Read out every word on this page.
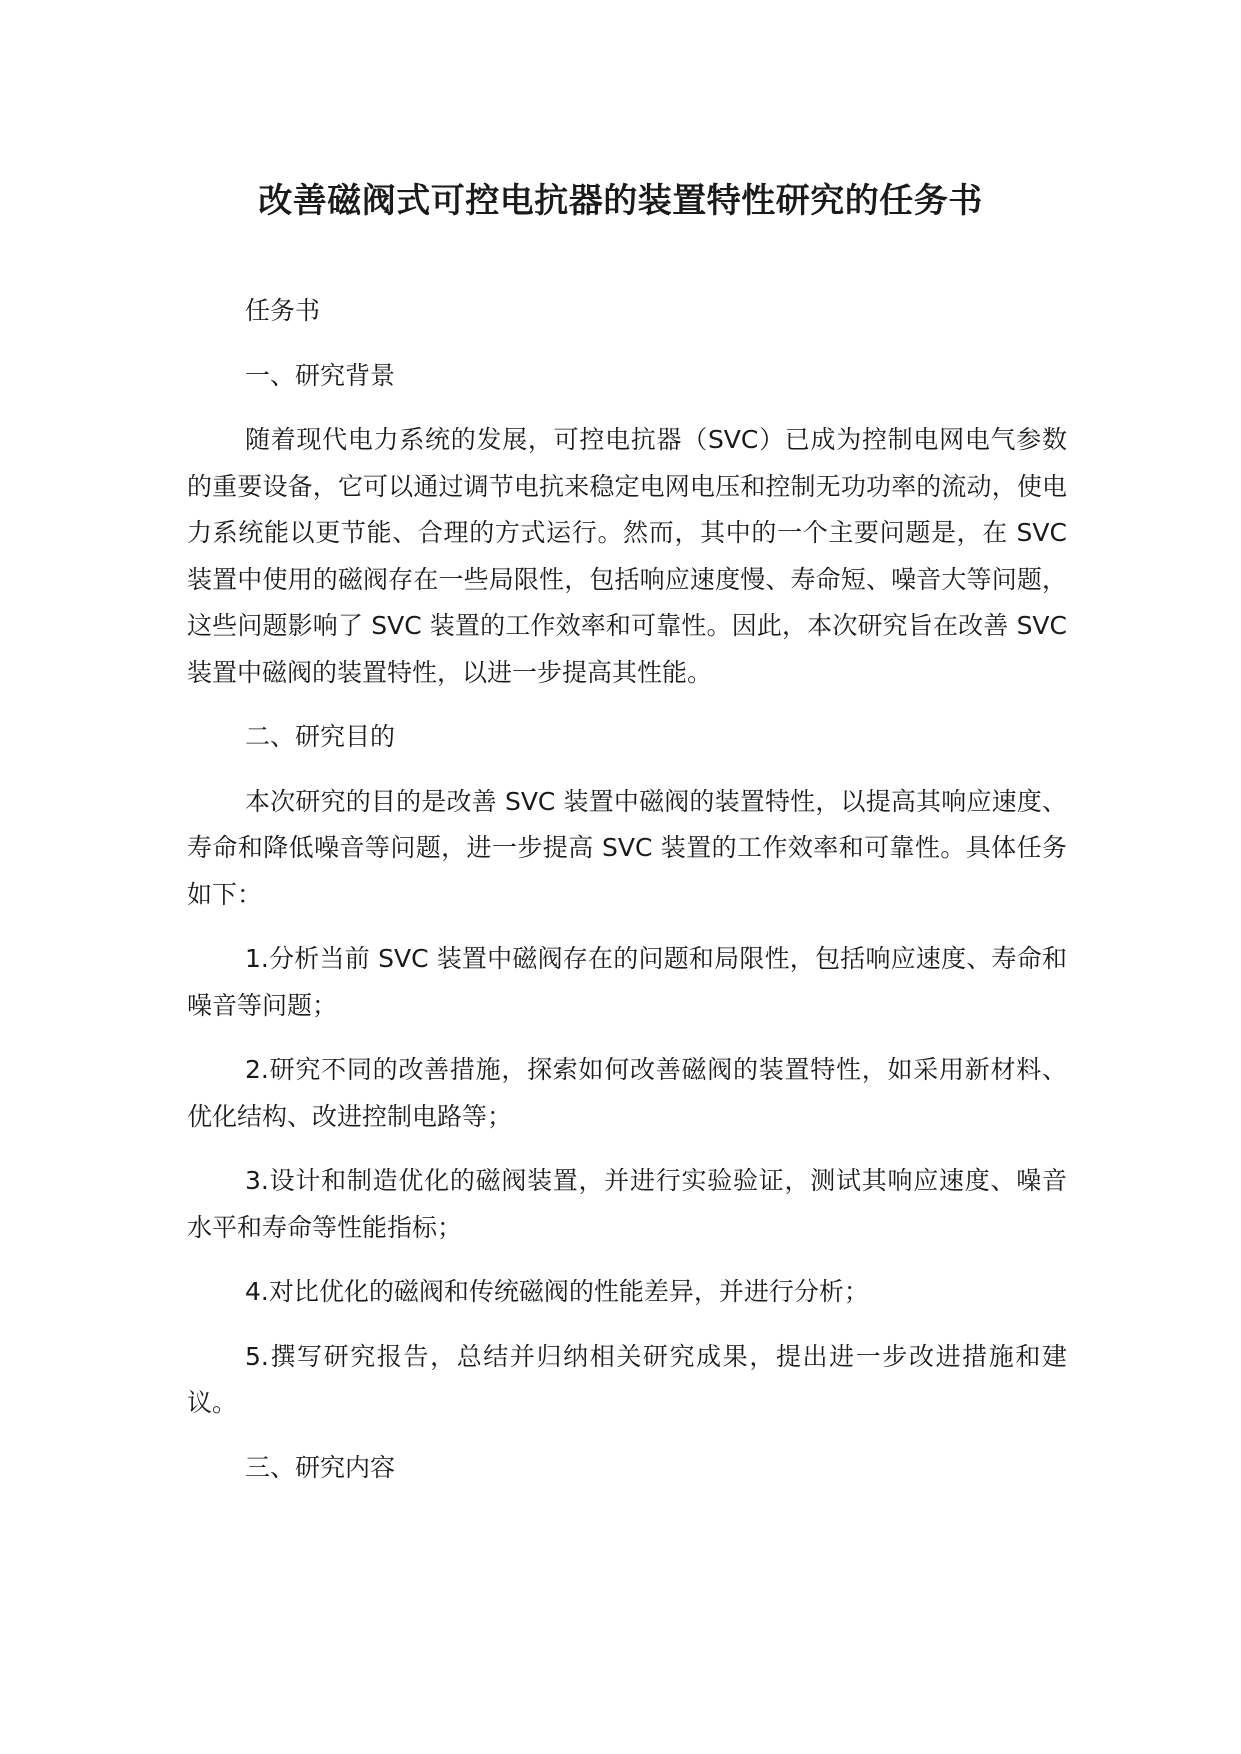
改善磁阀式可控电抗器的装置特性研究的任务书

任务书

一、研究背景

随着现代电力系统的发展，可控电抗器（SVC）已成为控制电网电气参数的重要设备，它可以通过调节电抗来稳定电网电压和控制无功功率的流动，使电力系统能以更节能、合理的方式运行。然而，其中的一个主要问题是，在 SVC 装置中使用的磁阀存在一些局限性，包括响应速度慢、寿命短、噪音大等问题，这些问题影响了 SVC 装置的工作效率和可靠性。因此，本次研究旨在改善 SVC 装置中磁阀的装置特性，以进一步提高其性能。

二、研究目的

本次研究的目的是改善 SVC 装置中磁阀的装置特性，以提高其响应速度、寿命和降低噪音等问题，进一步提高 SVC 装置的工作效率和可靠性。具体任务如下：

1.分析当前 SVC 装置中磁阀存在的问题和局限性，包括响应速度、寿命和噪音等问题；

2.研究不同的改善措施，探索如何改善磁阀的装置特性，如采用新材料、优化结构、改进控制电路等；

3.设计和制造优化的磁阀装置，并进行实验验证，测试其响应速度、噪音水平和寿命等性能指标；

4.对比优化的磁阀和传统磁阀的性能差异，并进行分析；

5.撰写研究报告，总结并归纳相关研究成果，提出进一步改进措施和建议。

三、研究内容
